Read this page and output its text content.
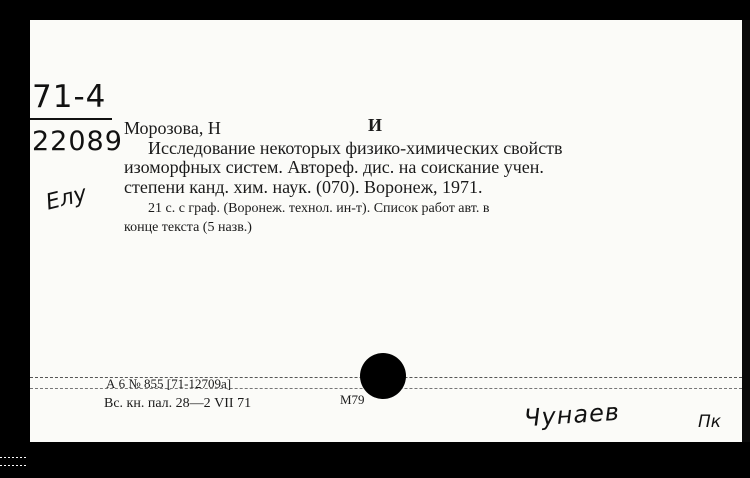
71-4
22089
Елу
Морозова, Н	И
Исследование некоторых физико-химических свойств
изоморфных систем. Автореф. дис. на соискание учен.
степени канд. хим. наук. (070). Воронеж, 1971.
21 с. с граф. (Воронеж. технол. ин-т). Список работ авт. в
конце текста (5 назв.)
А 6 № 855 [71-12709а]
Вс. кн. пал. 28—2 VII 71	М79	Чунаев	Пк
